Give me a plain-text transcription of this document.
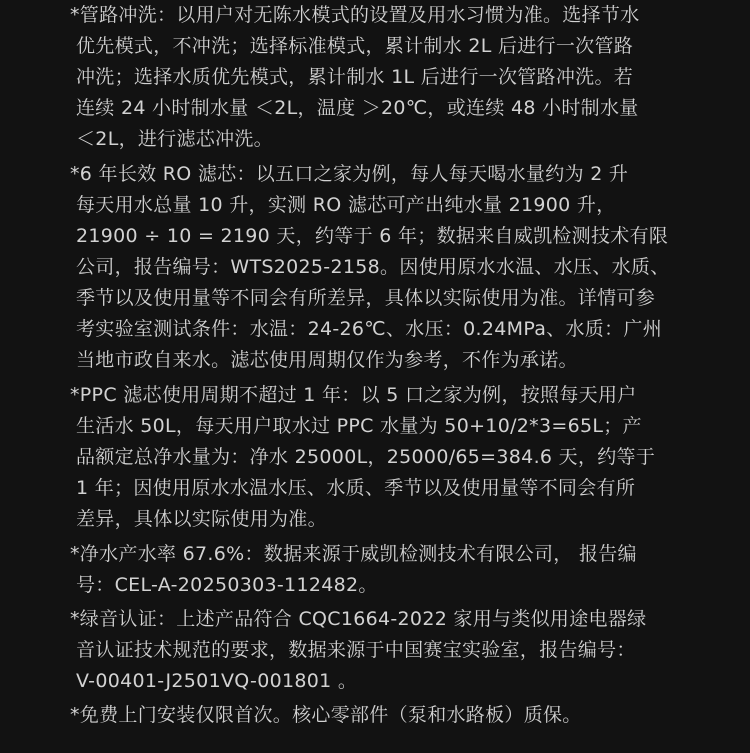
*管路冲洗：以用户对无陈水模式的设置及用水习惯为准。选择节水
优先模式，不冲洗；选择标准模式，累计制水 2L 后进行一次管路
冲洗；选择水质优先模式，累计制水 1L 后进行一次管路冲洗。若
连续 24 小时制水量 ＜2L，温度 ＞20℃，或连续 48 小时制水量
＜2L，进行滤芯冲洗。
*6 年长效 RO 滤芯：以五口之家为例，每人每天喝水量约为 2 升
每天用水总量 10 升，实测 RO 滤芯可产出纯水量 21900 升，
21900 ÷ 10 = 2190 天，约等于 6 年；数据来自威凯检测技术有限
公司，报告编号：WTS2025-2158。因使用原水水温、水压、水质、
季节以及使用量等不同会有所差异，具体以实际使用为准。详情可参
考实验室测试条件：水温：24-26℃、水压：0.24MPa、水质：广州
当地市政自来水。滤芯使用周期仅作为参考，不作为承诺。
*PPC 滤芯使用周期不超过 1 年：以 5 口之家为例，按照每天用户
生活水 50L，每天用户取水过 PPC 水量为 50+10/2*3=65L；产
品额定总净水量为：净水 25000L，25000/65=384.6 天，约等于
1 年；因使用原水水温水压、水质、季节以及使用量等不同会有所
差异，具体以实际使用为准。
*净水产水率 67.6%：数据来源于威凯检测技术有限公司， 报告编
号：CEL-A-20250303-112482。
*绿音认证：上述产品符合 CQC1664-2022 家用与类似用途电器绿
音认证技术规范的要求，数据来源于中国赛宝实验室，报告编号：
V-00401-J2501VQ-001801 。
*免费上门安装仅限首次。核心零部件（泵和水路板）质保。
